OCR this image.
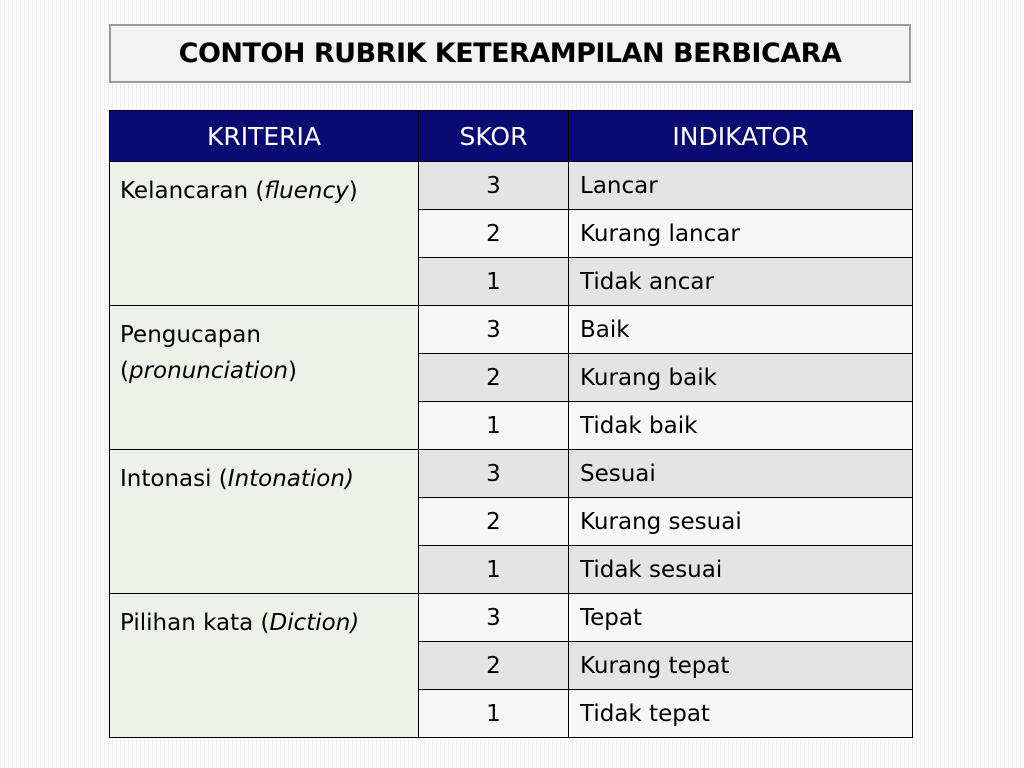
CONTOH RUBRIK KETERAMPILAN BERBICARA
KRITERIA	SKOR	INDIKATOR
Kelancaran (fluency)	3	Lancar
	2	Kurang lancar
	1	Tidak ancar
Pengucapan (pronunciation)	3	Baik
	2	Kurang baik
	1	Tidak baik
Intonasi (Intonation)	3	Sesuai
	2	Kurang sesuai
	1	Tidak sesuai
Pilihan kata (Diction)	3	Tepat
	2	Kurang tepat
	1	Tidak tepat
